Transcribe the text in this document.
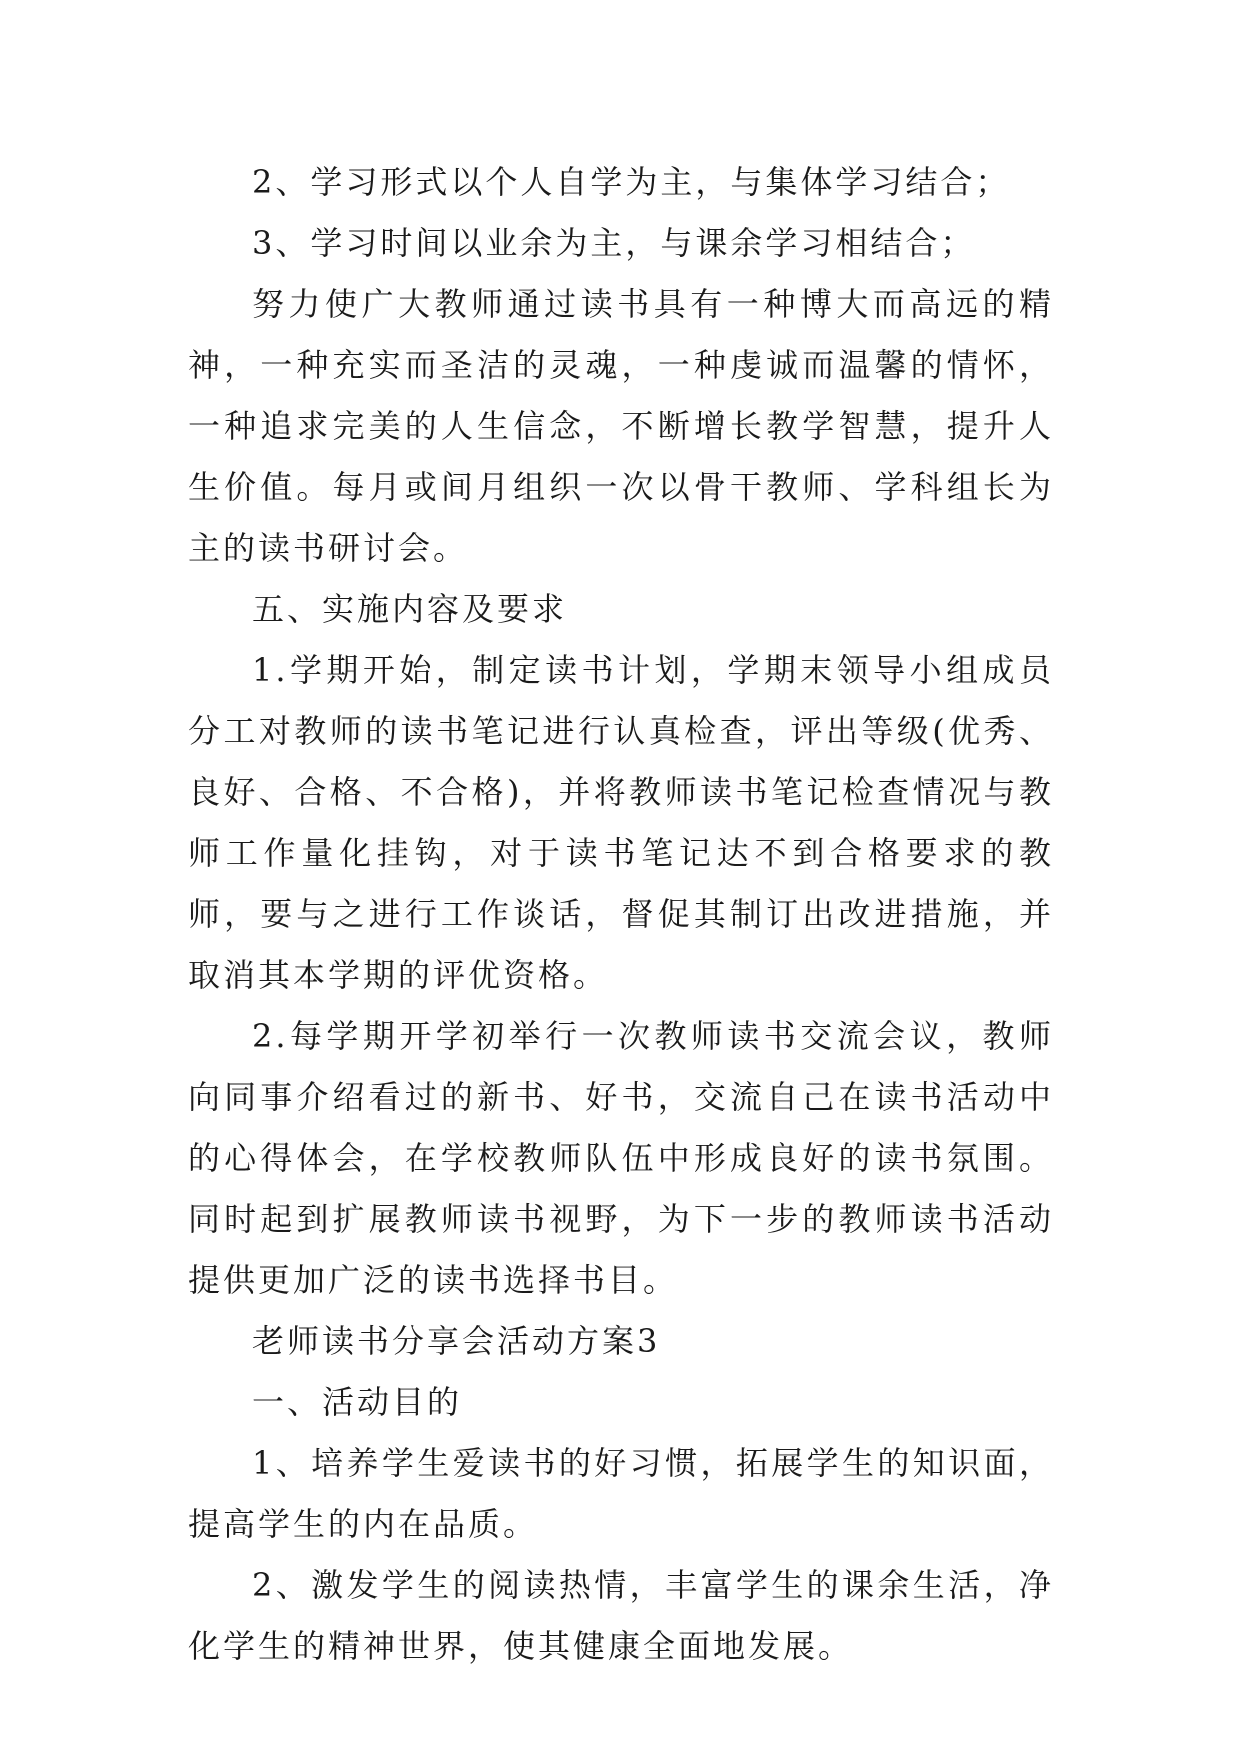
2、学习形式以个人自学为主，与集体学习结合；

3、学习时间以业余为主，与课余学习相结合；

努力使广大教师通过读书具有一种博大而高远的精神，一种充实而圣洁的灵魂，一种虔诚而温馨的情怀，一种追求完美的人生信念，不断增长教学智慧，提升人生价值。每月或间月组织一次以骨干教师、学科组长为主的读书研讨会。

五、实施内容及要求

1.学期开始，制定读书计划，学期末领导小组成员分工对教师的读书笔记进行认真检查，评出等级(优秀、良好、合格、不合格)，并将教师读书笔记检查情况与教师工作量化挂钩，对于读书笔记达不到合格要求的教师，要与之进行工作谈话，督促其制订出改进措施，并取消其本学期的评优资格。

2.每学期开学初举行一次教师读书交流会议，教师向同事介绍看过的新书、好书，交流自己在读书活动中的心得体会，在学校教师队伍中形成良好的读书氛围。同时起到扩展教师读书视野，为下一步的教师读书活动提供更加广泛的读书选择书目。

老师读书分享会活动方案3

一、活动目的

1、培养学生爱读书的好习惯，拓展学生的知识面，提高学生的内在品质。

2、激发学生的阅读热情，丰富学生的课余生活，净化学生的精神世界，使其健康全面地发展。
